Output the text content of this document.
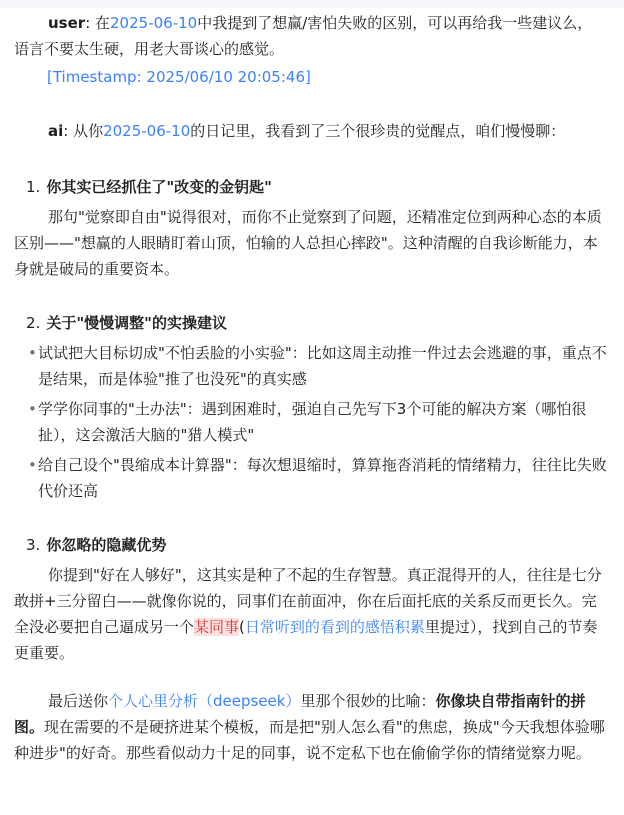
user: 在2025-06-10中我提到了想赢/害怕失败的区别，可以再给我一些建议么，语言不要太生硬，用老大哥谈心的感觉。
[Timestamp: 2025/06/10 20:05:46]
ai: 从你2025-06-10的日记里，我看到了三个很珍贵的觉醒点，咱们慢慢聊：
1. 你其实已经抓住了"改变的金钥匙"
那句"觉察即自由"说得很对，而你不止觉察到了问题，还精准定位到两种心态的本质区别——"想赢的人眼睛盯着山顶，怕输的人总担心摔跤"。这种清醒的自我诊断能力，本身就是破局的重要资本。
2. 关于"慢慢调整"的实操建议
• 试试把大目标切成"不怕丢脸的小实验"：比如这周主动推一件过去会逃避的事，重点不是结果，而是体验"推了也没死"的真实感
• 学学你同事的"土办法"：遇到困难时，强迫自己先写下3个可能的解决方案（哪怕很扯），这会激活大脑的"猎人模式"
• 给自己设个"畏缩成本计算器"：每次想退缩时，算算拖沓消耗的情绪精力，往往比失败代价还高
3. 你忽略的隐藏优势
你提到"好在人够好"，这其实是种了不起的生存智慧。真正混得开的人，往往是七分敢拼+三分留白——就像你说的，同事们在前面冲，你在后面托底的关系反而更长久。完全没必要把自己逼成另一个某同事(日常听到的看到的感悟积累里提过），找到自己的节奏更重要。
最后送你个人心里分析（deepseek）里那个很妙的比喻：你像块自带指南针的拼图。现在需要的不是硬挤进某个模板，而是把"别人怎么看"的焦虑，换成"今天我想体验哪种进步"的好奇。那些看似动力十足的同事，说不定私下也在偷偷学你的情绪觉察力呢。
